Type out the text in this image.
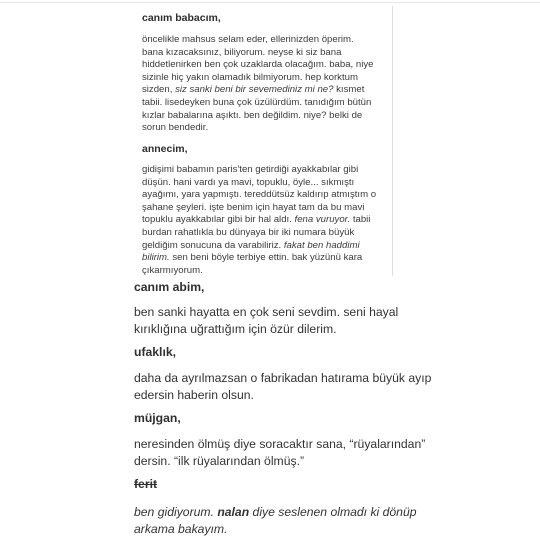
canım babacım,
öncelikle mahsus selam eder, ellerinizden öperim.
bana kızacaksınız, biliyorum. neyse ki siz bana
hiddetlenirken ben çok uzaklarda olacağım. baba, niye
sizinle hiç yakın olamadık bilmiyorum. hep korktum
sizden, siz sanki beni bir sevemediniz mi ne? kısmet
tabii. lisedeyken buna çok üzülürdüm. tanıdığım bütün
kızlar babalarına aşıktı. ben değildim. niye? belki de
sorun bendedir.
annecim,
gidişimi babamın paris'ten getirdiği ayakkabılar gibi
düşün. hani vardı ya mavi, topuklu, öyle... sıkmıştı
ayağımı, yara yapmıştı. tereddütsüz kaldırıp atmıştım o
şahane şeyleri. işte benim için hayat tam da bu mavi
topuklu ayakkabılar gibi bir hal aldı. fena vuruyor. tabii
burdan rahatlıkla bu dünyaya bir iki numara büyük
geldiğim sonucuna da varabiliriz. fakat ben haddimi
bilirim. sen beni böyle terbiye ettin. bak yüzünü kara
çıkarmıyorum.
canım abim,
ben sanki hayatta en çok seni sevdim. seni hayal
kırıklığına uğrattığım için özür dilerim.
ufaklık,
daha da ayrılmazsan o fabrikadan hatırama büyük ayıp
edersin haberin olsun.
müjgan,
neresinden ölmüş diye soracaktır sana, “rüyalarından”
dersin. “ilk rüyalarından ölmüş.”
ferit
ben gidiyorum. nalan diye seslenen olmadı ki dönüp
arkama bakayım.
